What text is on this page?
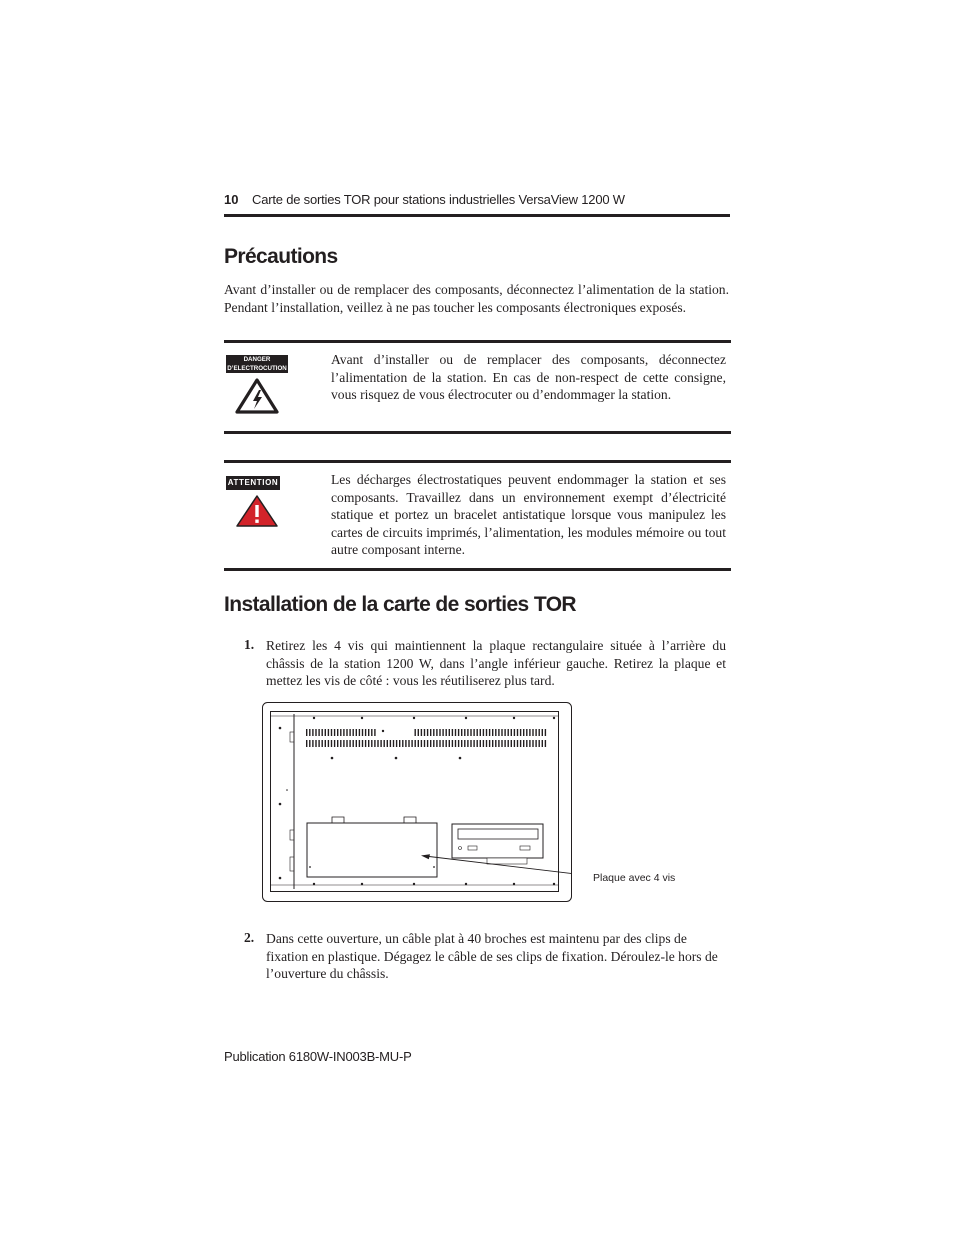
10 Carte de sorties TOR pour stations industrielles VersaView 1200 W
Précautions

Avant d’installer ou de remplacer des composants, déconnectez l’alimentation de la station. Pendant l’installation, veillez à ne pas toucher les composants électroniques exposés.

DANGER
D’ELECTROCUTION

Avant d’installer ou de remplacer des composants, déconnectez l’alimentation de la station. En cas de non-respect de cette consigne, vous risquez de vous électrocuter ou d’endommager la station.

ATTENTION	Les décharges électrostatiques peuvent endommager la station et ses composants. Travaillez dans un environnement exempt d’électricité statique et portez un bracelet antistatique lorsque vous manipulez les cartes de circuits imprimés, l’alimentation, les modules mémoire ou tout autre composant interne.

Installation de la carte de sorties TOR
1. Retirez les 4 vis qui maintiennent la plaque rectangulaire située à l’arrière du châssis de la station 1200 W, dans l’angle inférieur gauche. Retirez la plaque et mettez les vis de côté : vous les réutiliserez plus tard.

Plaque avec 4 vis
2. Dans cette ouverture, un câble plat à 40 broches est maintenu par des clips de fixation en plastique. Dégagez le câble de ses clips de fixation. Déroulez-le hors de l’ouverture du châssis.

Publication 6180W-IN003B-MU-P
